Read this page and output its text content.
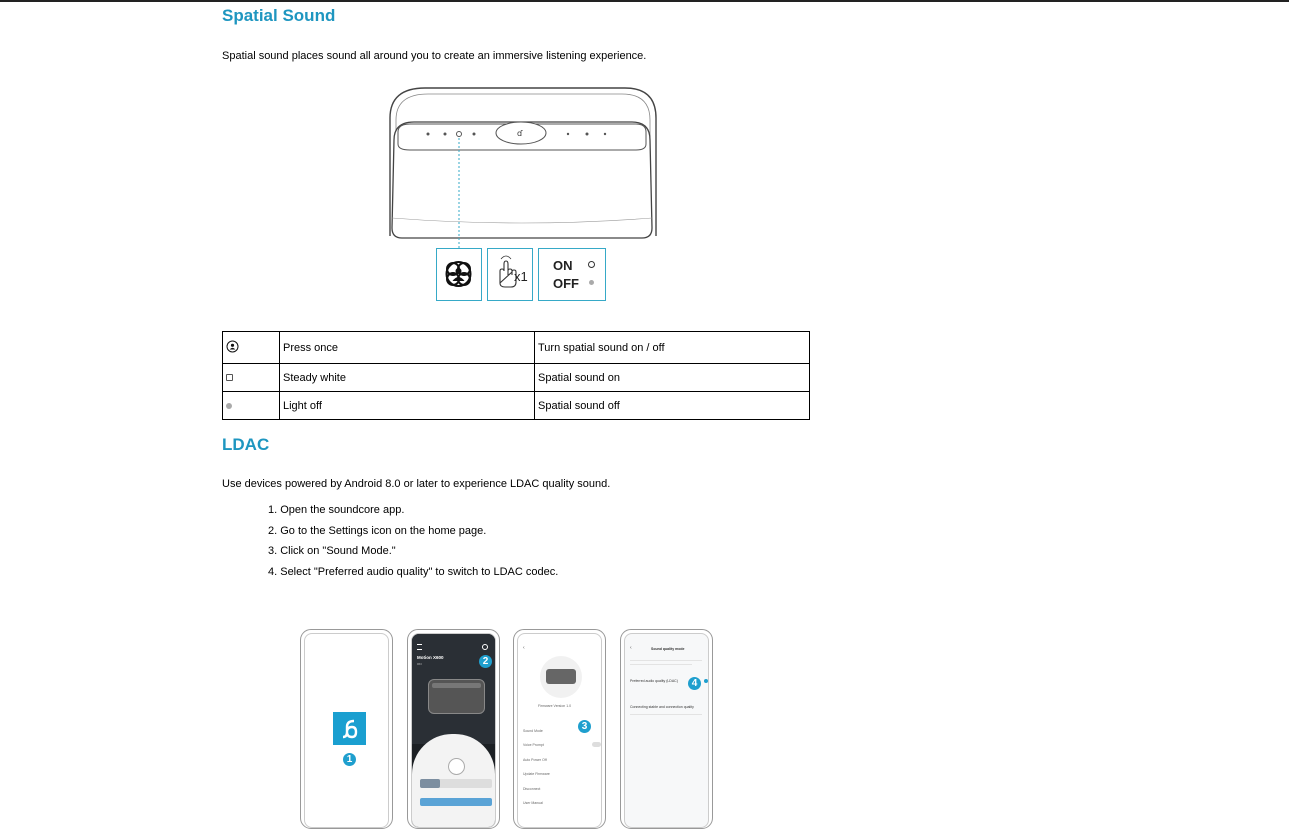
Spatial Sound
Spatial sound places sound all around you to create an immersive listening experience.
ɗ
x1
ON
OFF
	Press once	Turn spatial sound on / off
	Steady white	Spatial sound on
	Light off	Spatial sound off
LDAC
Use devices powered by Android 8.0 or later to experience LDAC quality sound.
1. Open the soundcore app.
2. Go to the Settings icon on the home page.
3. Click on "Sound Mode."
4. Select "Preferred audio quality" to switch to LDAC codec.
1
Motion X600
ON	2
‹
Firmware Version 1.0
3
Sound Mode
Voice Prompt
Auto Power Off
Update Firmware
Disconnect
User Manual
‹	Sound quality mode
Preferred audio quality (LDAC)	4
Connecting stable and connection quality
